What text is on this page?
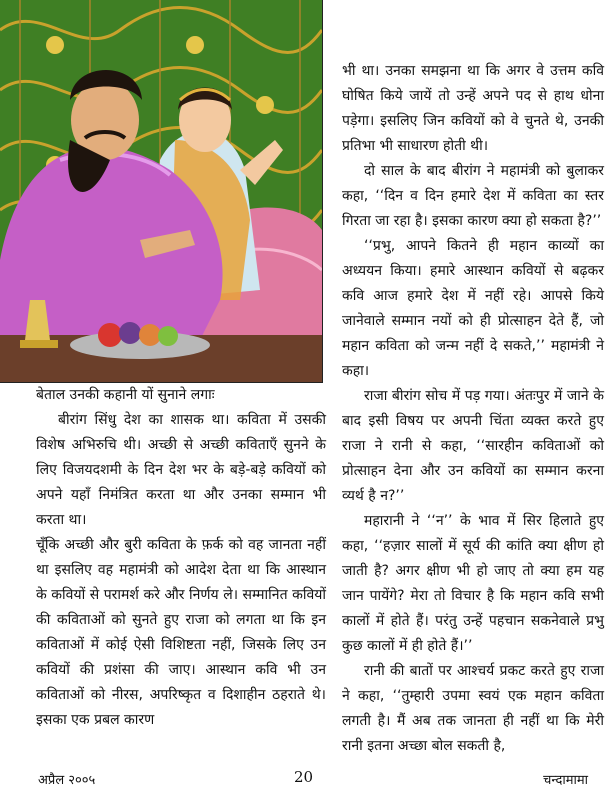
भी था। उनका समझना था कि अगर वे उत्तम कवि घोषित किये जायें तो उन्हें अपने पद से हाथ धोना पड़ेगा। इसलिए जिन कवियों को वे चुनते थे, उनकी प्रतिभा भी साधारण होती थी।

दो साल के बाद बीरांग ने महामंत्री को बुलाकर कहा, ‘‘दिन व दिन हमारे देश में कविता का स्तर गिरता जा रहा है। इसका कारण क्या हो सकता है?’’

‘‘प्रभु, आपने कितने ही महान काव्यों का अध्ययन किया। हमारे आस्थान कवियों से बढ़कर कवि आज हमारे देश में नहीं रहे। आपसे किये जानेवाले सम्मान नयों को ही प्रोत्साहन देते हैं, जो महान कविता को जन्म नहीं दे सकते,’’ महामंत्री ने कहा।

राजा बीरांग सोच में पड़ गया। अंतःपुर में जाने के बाद इसी विषय पर अपनी चिंता व्यक्त करते हुए राजा ने रानी से कहा, ‘‘सारहीन कविताओं को प्रोत्साहन देना और उन कवियों का सम्मान करना व्यर्थ है न?’’

महारानी ने ‘‘न’’ के भाव में सिर हिलाते हुए कहा, ‘‘हज़ार सालों में सूर्य की कांति क्या क्षीण हो जाती है? अगर क्षीण भी हो जाए तो क्या हम यह जान पायेंगे? मेरा तो विचार है कि महान कवि सभी कालों में होते हैं। परंतु उन्हें पहचान सकनेवाले प्रभु कुछ कालों में ही होते हैं।’’

रानी की बातों पर आश्चर्य प्रकट करते हुए राजा ने कहा, ‘‘तुम्हारी उपमा स्वयं एक महान कविता लगती है। मैं अब तक जानता ही नहीं था कि मेरी रानी इतना अच्छा बोल सकती है,

बेताल उनकी कहानी यों सुनाने लगाः

बीरांग सिंधु देश का शासक था। कविता में उसकी विशेष अभिरुचि थी। अच्छी से अच्छी कविताएँ सुनने के लिए विजयदशमी के दिन देश भर के बड़े-बड़े कवियों को अपने यहाँ निमंत्रित करता था और उनका सम्मान भी करता था।

चूँकि अच्छी और बुरी कविता के फ़र्क को वह जानता नहीं था इसलिए वह महामंत्री को आदेश देता था कि आस्थान के कवियों से परामर्श करे और निर्णय ले। सम्मानित कवियों की कविताओं को सुनते हुए राजा को लगता था कि इन कविताओं में कोई ऐसी विशिष्टता नहीं, जिसके लिए उन कवियों की प्रशंसा की जाए। आस्थान कवि भी उन कविताओं को नीरस, अपरिष्कृत व दिशाहीन ठहराते थे। इसका एक प्रबल कारण

अप्रैल २००५	20	चन्दामामा
